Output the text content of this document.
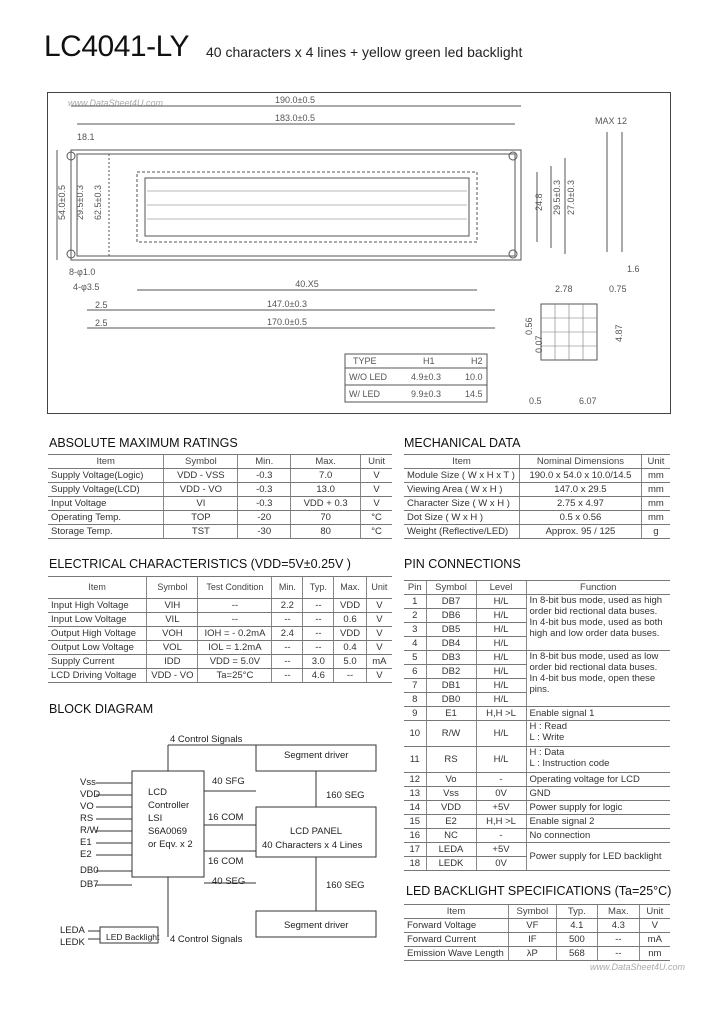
LC4041-LY 40 characters x 4 lines + yellow green led backlight
www.DataSheet4U.com	190.0±0.5
183.0±0.5
40.X5
147.0±0.3
170.0±0.5
2.5
2.5
8-φ1.0
4-φ3.5
MAX 12
1.6
2.78	0.75
0.5	6.07
18.1
54.0±0.5 29.5±0.3 62.5±0.3	24.8 29.5±0.3 27.0±0.3
4.87
0.56
0.07
TYPE	H1	H2
W/O LED	4.9±0.3	10.0
W/ LED	9.9±0.3	14.5
ABSOLUTE MAXIMUM RATINGS
Item	Symbol	Min.	Max.	Unit
Supply Voltage(Logic)	VDD - VSS	-0.3	7.0	V
Supply Voltage(LCD)	VDD - VO	-0.3	13.0	V
Input Voltage	VI	-0.3	VDD + 0.3	V
Operating Temp.	TOP	-20	70	°C
Storage Temp.	TST	-30	80	°C
MECHANICAL DATA
Item	Nominal Dimensions	Unit
Module Size ( W x H x T )	190.0 x 54.0 x 10.0/14.5	mm
Viewing Area ( W x H )	147.0 x 29.5	mm
Character Size ( W x H )	2.75 x 4.97	mm
Dot Size ( W x H )	0.5 x 0.56	mm
Weight (Reflective/LED)	Approx. 95 / 125	g
ELECTRICAL CHARACTERISTICS (VDD=5V±0.25V )
Item	Symbol	Test Condition	Min.	Typ.	Max.	Unit
Input High Voltage	VIH	--	2.2	--	VDD	V
Input Low Voltage	VIL	--	--	--	0.6	V
Output High Voltage	VOH	IOH = - 0.2mA	2.4	--	VDD	V
Output Low Voltage	VOL	IOL = 1.2mA	--	--	0.4	V
Supply Current	IDD	VDD = 5.0V	--	3.0	5.0	mA
LCD Driving Voltage	VDD - VO	Ta=25°C	--	4.6	--	V
PIN CONNECTIONS
Pin	Symbol	Level	Function
1	DB7	H/L	In 8-bit bus mode, used as high order bid rectional data buses. In 4-bit bus mode, used as both high and low order data buses.
2	DB6	H/L	
3	DB5	H/L	
4	DB4	H/L	
5	DB3	H/L	In 8-bit bus mode, used as low order bid rectional data buses. In 4-bit bus mode, open these pins.
6	DB2	H/L	
7	DB1	H/L	
8	DB0	H/L	
9	E1	H,H >L	Enable signal 1
10	R/W	H/L	H : Read
L : Write
11	RS	H/L	H : Data
L : Instruction code
12	Vo	-	Operating voltage for LCD
13	Vss	0V	GND
14	VDD	+5V	Power supply for logic
15	E2	H,H >L	Enable signal 2
16	NC	-	No connection
17	LEDA	+5V	Power supply for LED backlight
18	LEDK	0V	
BLOCK DIAGRAM
4 Control Signals
Segment driver
40 SFG
160 SEG
LCD
Controller
LSI
S6A0069
or Eqv. x 2
16 COM
LCD PANEL
40 Characters x 4 Lines
16 COM
40 SEG	160 SEG
Segment driver
4 Control Signals
LED Backlight
Vss
VDD
VO
RS
R/W
E1
E2
DB0
DB7
LEDA
LEDK
LED BACKLIGHT SPECIFICATIONS (Ta=25°C)
Item	Symbol	Typ.	Max.	Unit
Forward Voltage	VF	4.1	4.3	V
Forward Current	IF	500	--	mA
Emission Wave Length	λP	568	--	nm
www.DataSheet4U.com
